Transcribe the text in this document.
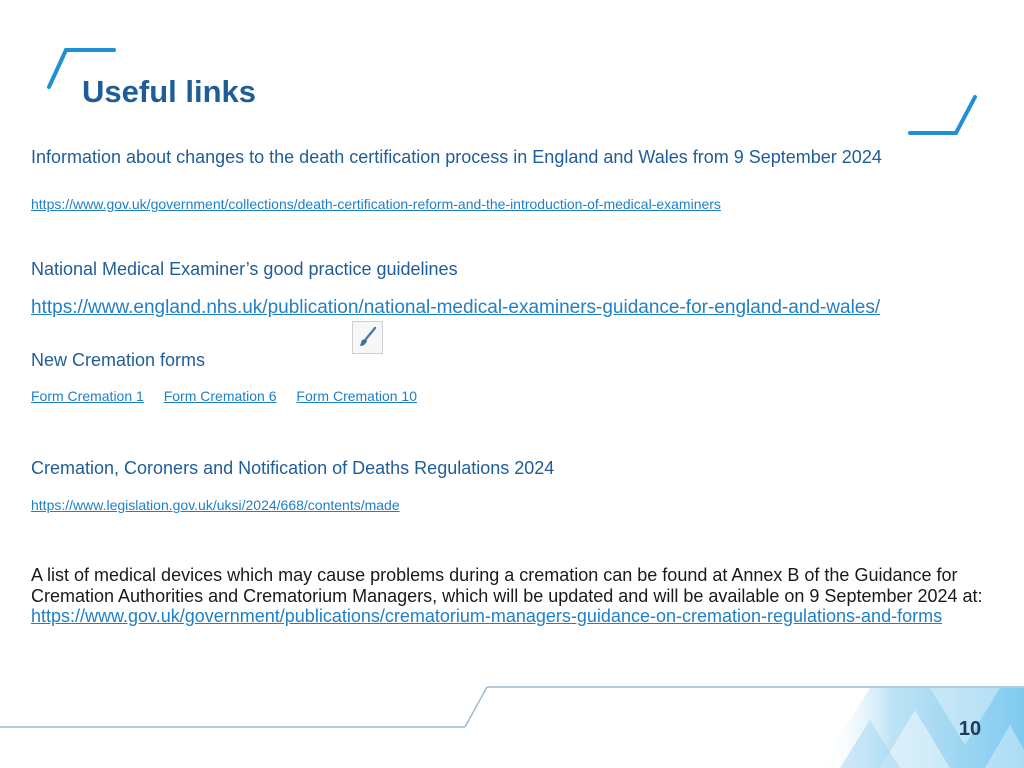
Useful links
Information about changes to the death certification process in England and Wales from 9 September 2024
https://www.gov.uk/government/collections/death-certification-reform-and-the-introduction-of-medical-examiners
National Medical Examiner’s good practice guidelines
https://www.england.nhs.uk/publication/national-medical-examiners-guidance-for-england-and-wales/
New Cremation forms
Form Cremation 1 Form Cremation 6 Form Cremation 10
Cremation, Coroners and Notification of Deaths Regulations 2024
https://www.legislation.gov.uk/uksi/2024/668/contents/made
A list of medical devices which may cause problems during a cremation can be found at Annex B of the Guidance for Cremation Authorities and Crematorium Managers, which will be updated and will be available on 9 September 2024 at: https://www.gov.uk/government/publications/crematorium-managers-guidance-on-cremation-regulations-and-forms
10
